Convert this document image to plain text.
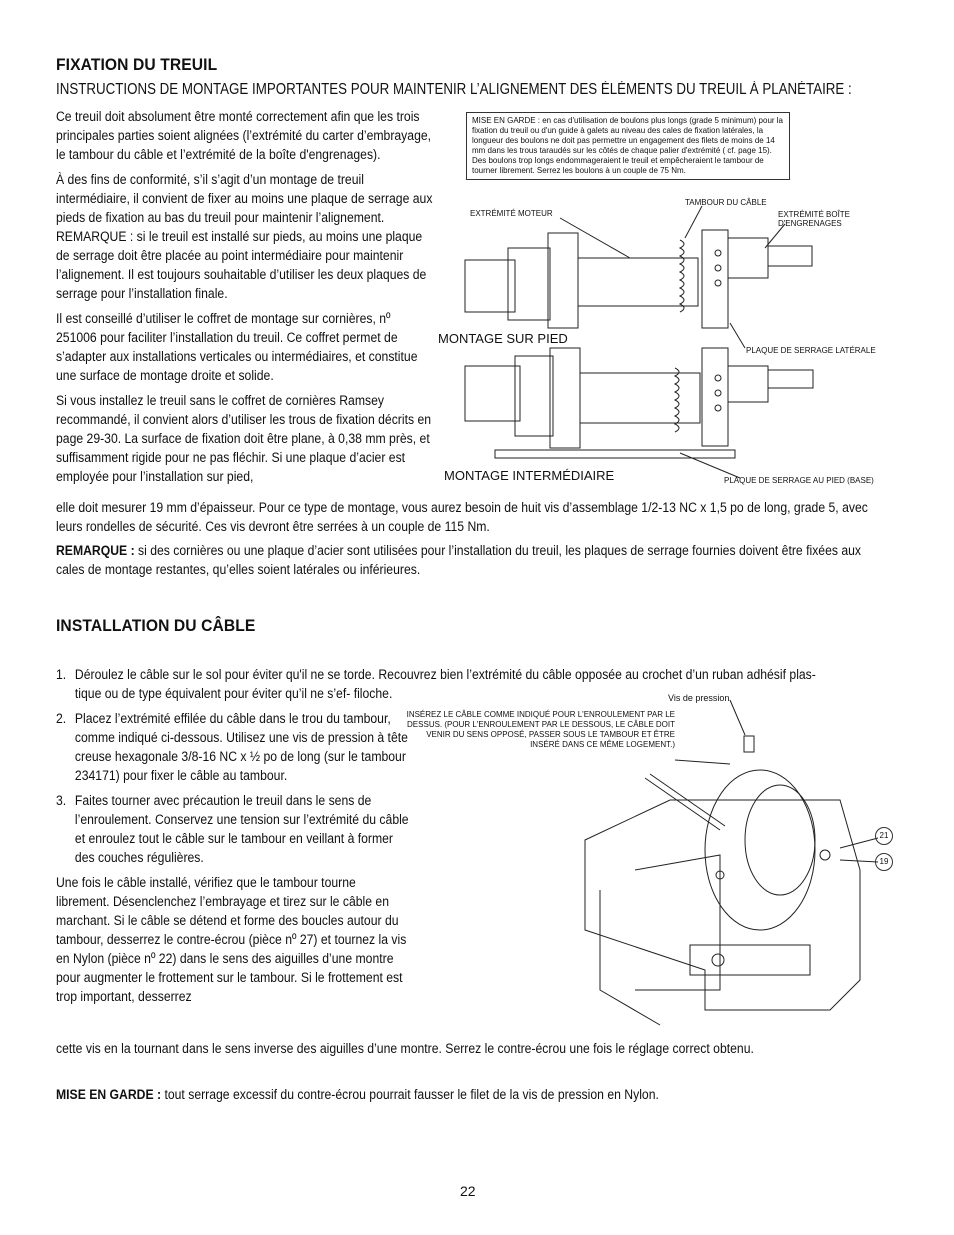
FIXATION DU TREUIL
INSTRUCTIONS DE MONTAGE IMPORTANTES POUR MAINTENIR L’ALIGNEMENT DES ÉLÉMENTS DU TREUIL À PLANÉTAIRE :

Ce treuil doit absolument être monté correctement afin que les trois principales parties soient alignées (l’extrémité du carter d’embrayage, le tambour du câble et l’extrémité de la boîte d'engrenages).

À des fins de conformité, s’il s’agit d’un montage de treuil intermédiaire, il convient de fixer au moins une plaque de serrage aux pieds de fixation au bas du treuil pour maintenir l’alignement. REMARQUE : si le treuil est installé sur pieds, au moins une plaque de serrage doit être placée au point intermédiaire pour maintenir l’alignement. Il est toujours souhaitable d’utiliser les deux plaques de serrage pour l’installation finale.

Il est conseillé d’utiliser le coffret de montage sur cornières, nº 251006 pour faciliter l’installation du treuil. Ce coffret permet de s’adapter aux installations verticales ou intermédiaires, et constitue une surface de montage droite et solide.

Si vous installez le treuil sans le coffret de cornières Ramsey recommandé, il convient alors d’utiliser les trous de fixation décrits en page 29-30. La surface de fixation doit être plane, à 0,38 mm près, et suffisamment rigide pour ne pas fléchir. Si une plaque d’acier est employée pour l’installation sur pied,

elle doit mesurer 19 mm d’épaisseur. Pour ce type de montage, vous aurez besoin de huit vis d’assemblage 1/2-13 NC x 1,5 po de long, grade 5, avec leurs rondelles de sécurité. Ces vis devront être serrées à un couple de 115 Nm.
REMARQUE : si des cornières ou une plaque d’acier sont utilisées pour l’installation du treuil, les plaques de serrage fournies doivent être fixées aux cales de montage restantes, qu’elles soient latérales ou inférieures.
MISE EN GARDE : en cas d'utilisation de boulons plus longs (grade 5 minimum) pour la fixation du treuil ou d'un guide à galets au niveau des cales de fixation latérales, la longueur des boulons ne doit pas permettre un engagement des filets de moins de 14 mm dans les trous taraudés sur les côtés de chaque palier d'extrémité ( cf. page 15). Des boulons trop longs endommageraient le treuil et empêcheraient le tambour de tourner librement. Serrez les boulons à un couple de 75 Nm.
EXTRÉMITÉ MOTEUR
TAMBOUR DU CÂBLE
EXTRÉMITÉ BOÎTE D'ENGRENAGES
MONTAGE SUR PIED
PLAQUE DE SERRAGE LATÉRALE
MONTAGE INTERMÉDIAIRE	PLAQUE DE SERRAGE AU PIED (BASE)
INSTALLATION DU CÂBLE
1. Déroulez le câble sur le sol pour éviter qu'il ne se torde. Recouvrez bien l’extrémité du câble opposée au crochet d’un ruban adhésif plas-
tique ou de type équivalent pour éviter qu’il ne s’ef- filoche.
2. Placez l’extrémité effilée du câble dans le trou du tambour, comme indiqué ci-dessous. Utilisez une vis de pression à tête creuse hexagonale 3/8-16 NC x ½ po de long (sur le tambour 234171) pour fixer le câble au tambour.
3. Faites tourner avec précaution le treuil dans le sens de l’enroulement. Conservez une tension sur l’extrémité du câble et enroulez tout le câble sur le tambour en veillant à former des couches régulières.

Une fois le câble installé, vérifiez que le tambour tourne librement. Désenclenchez l’embrayage et tirez sur le câble en marchant. Si le câble se détend et forme des boucles autour du tambour, desserrez le contre-écrou (pièce nº 27) et tournez la vis en Nylon (pièce nº 22) dans le sens des aiguilles d’une montre pour augmenter le frottement sur le tambour. Si le frottement est trop important, desserrez

cette vis en la tournant dans le sens inverse des aiguilles d’une montre. Serrez le contre-écrou une fois le réglage correct obtenu.
MISE EN GARDE : tout serrage excessif du contre-écrou pourrait fausser le filet de la vis de pression en Nylon.
Vis de pression
INSÉREZ LE CÂBLE COMME INDIQUÉ POUR L'ENROULEMENT PAR LE DESSUS. (POUR L'ENROULEMENT PAR LE DESSOUS, LE CÂBLE DOIT VENIR DU SENS OPPOSÉ, PASSER SOUS LE TAMBOUR ET ÊTRE INSÉRÉ DANS CE MÊME LOGEMENT.)
21
19
22
